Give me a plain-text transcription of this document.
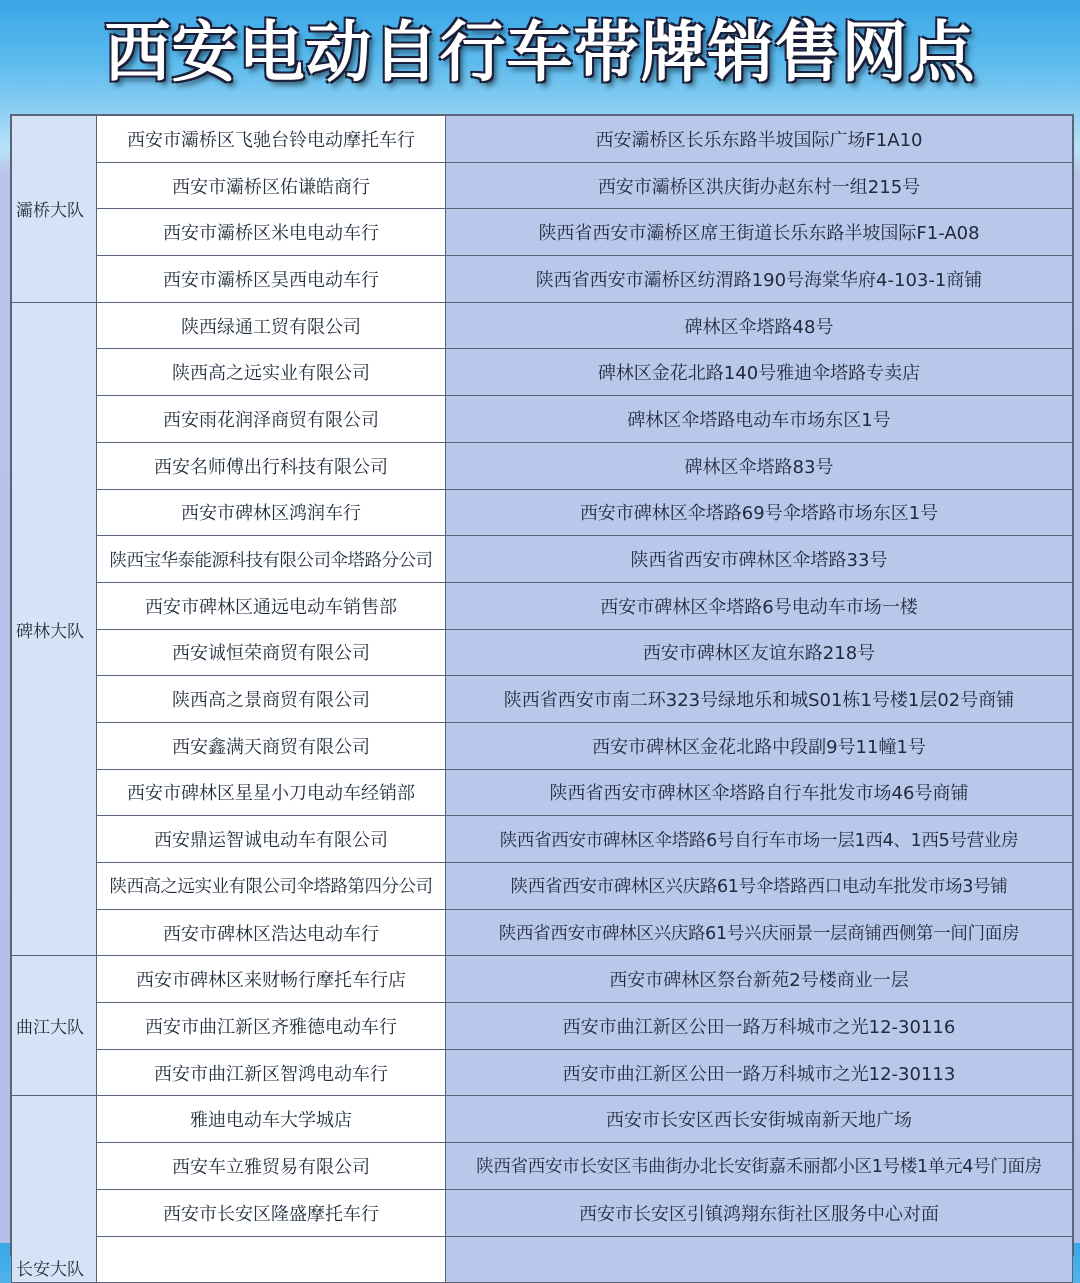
西安电动自行车带牌销售网点
灞桥大队	西安市灞桥区飞驰台铃电动摩托车行	西安灞桥区长乐东路半坡国际广场F1A10
	西安市灞桥区佑谦皓商行	西安市灞桥区洪庆街办赵东村一组215号
	西安市灞桥区米电电动车行	陕西省西安市灞桥区席王街道长乐东路半坡国际F1-A08
	西安市灞桥区昊西电动车行	陕西省西安市灞桥区纺渭路190号海棠华府4-103-1商铺
碑林大队	陕西绿通工贸有限公司	碑林区伞塔路48号
	陕西高之远实业有限公司	碑林区金花北路140号雅迪伞塔路专卖店
	西安雨花润泽商贸有限公司	碑林区伞塔路电动车市场东区1号
	西安名师傅出行科技有限公司	碑林区伞塔路83号
	西安市碑林区鸿润车行	西安市碑林区伞塔路69号伞塔路市场东区1号
	陕西宝华泰能源科技有限公司伞塔路分公司	陕西省西安市碑林区伞塔路33号
	西安市碑林区通远电动车销售部	西安市碑林区伞塔路6号电动车市场一楼
	西安诚恒荣商贸有限公司	西安市碑林区友谊东路218号
	陕西高之景商贸有限公司	陕西省西安市南二环323号绿地乐和城S01栋1号楼1层02号商铺
	西安鑫满天商贸有限公司	西安市碑林区金花北路中段副9号11幢1号
	西安市碑林区星星小刀电动车经销部	陕西省西安市碑林区伞塔路自行车批发市场46号商铺
	西安鼎运智诚电动车有限公司	陕西省西安市碑林区伞塔路6号自行车市场一层1西4、1西5号营业房
	陕西高之远实业有限公司伞塔路第四分公司	陕西省西安市碑林区兴庆路61号伞塔路西口电动车批发市场3号铺
	西安市碑林区浩达电动车行	陕西省西安市碑林区兴庆路61号兴庆丽景一层商铺西侧第一间门面房
曲江大队	西安市碑林区来财畅行摩托车行店	西安市碑林区祭台新苑2号楼商业一层
	西安市曲江新区齐雅德电动车行	西安市曲江新区公田一路万科城市之光12-30116
	西安市曲江新区智鸿电动车行	西安市曲江新区公田一路万科城市之光12-30113
长安大队	雅迪电动车大学城店	西安市长安区西长安街城南新天地广场
	西安车立雅贸易有限公司	陕西省西安市长安区韦曲街办北长安街嘉禾丽都小区1号楼1单元4号门面房
	西安市长安区隆盛摩托车行	西安市长安区引镇鸿翔东街社区服务中心对面
